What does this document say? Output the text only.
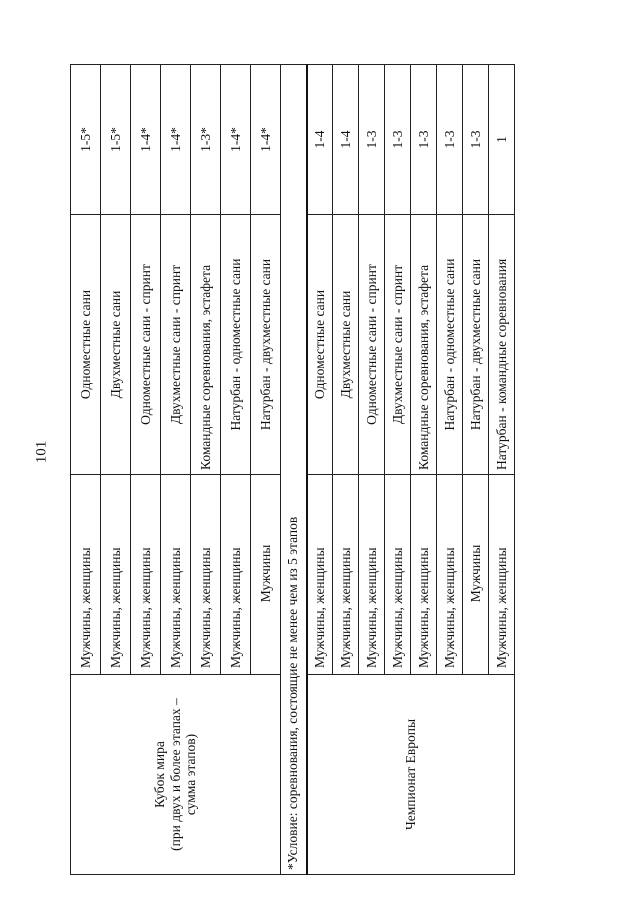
101
Кубок мира
(при двух и более этапах –
сумма этапов)	Мужчины, женщины	Одноместные сани	1-5*
	Мужчины, женщины	Двухместные сани	1-5*
	Мужчины, женщины	Одноместные сани - спринт	1-4*
	Мужчины, женщины	Двухместные сани - спринт	1-4*
	Мужчины, женщины	Командные соревнования, эстафета	1-3*
	Мужчины, женщины	Натурбан - одноместные сани	1-4*
	Мужчины	Натурбан - двухместные сани	1-4*
*Условие: соревнования, состоящие не менее чем из 5 этапов			
Чемпионат Европы	Мужчины, женщины	Одноместные сани	1-4
	Мужчины, женщины	Двухместные сани	1-4
	Мужчины, женщины	Одноместные сани - спринт	1-3
	Мужчины, женщины	Двухместные сани - спринт	1-3
	Мужчины, женщины	Командные соревнования, эстафета	1-3
	Мужчины, женщины	Натурбан - одноместные сани	1-3
	Мужчины	Натурбан - двухместные сани	1-3
	Мужчины, женщины	Натурбан - командные соревнования	1
